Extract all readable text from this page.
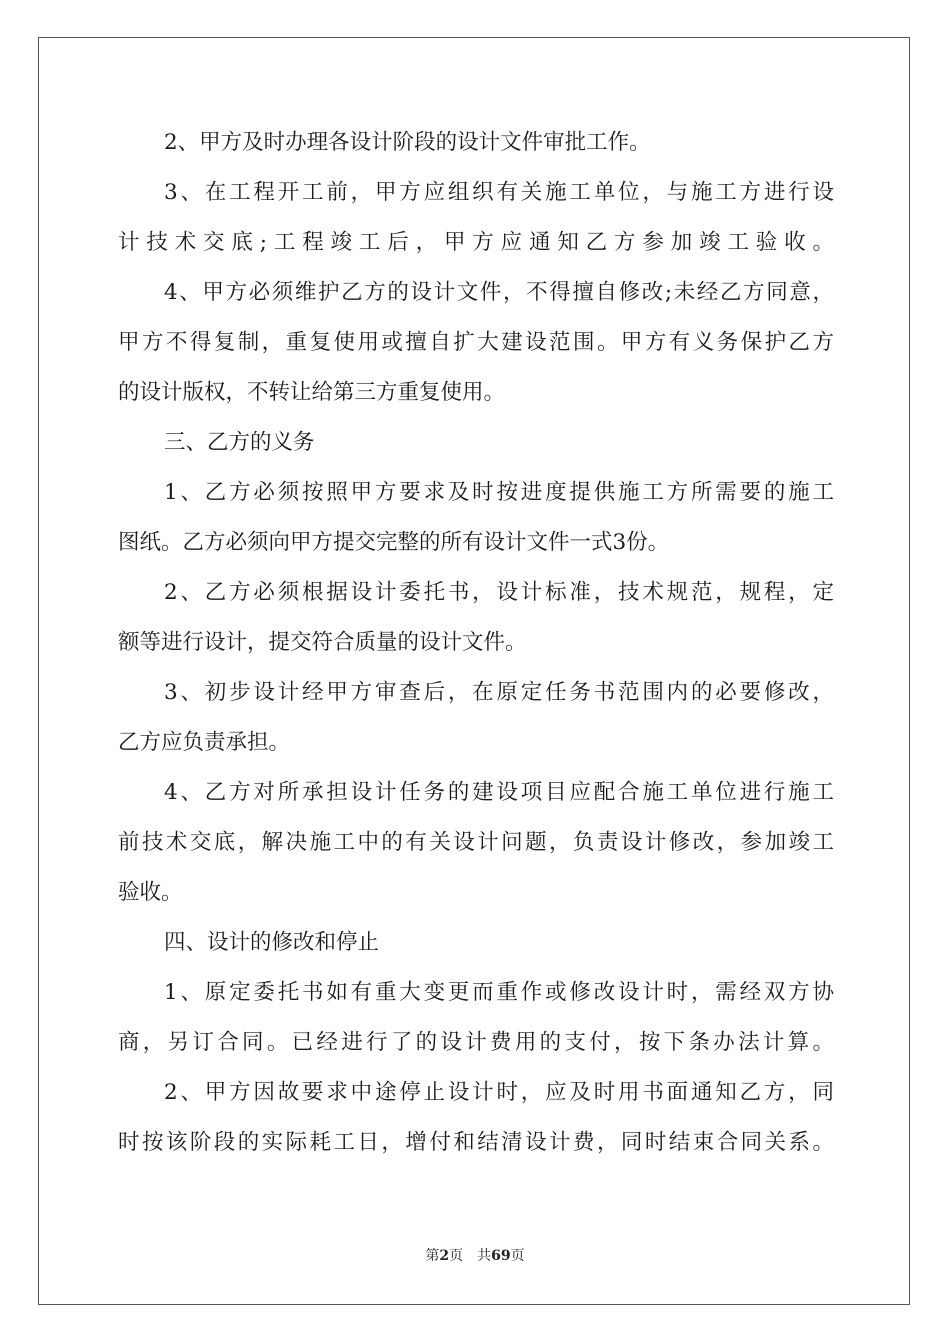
2、甲方及时办理各设计阶段的设计文件审批工作。
3、在工程开工前，甲方应组织有关施工单位，与施工方进行设
计技术交底;工程竣工后，甲方应通知乙方参加竣工验收。
4、甲方必须维护乙方的设计文件，不得擅自修改;未经乙方同意，
甲方不得复制，重复使用或擅自扩大建设范围。甲方有义务保护乙方
的设计版权，不转让给第三方重复使用。
三、乙方的义务
1、乙方必须按照甲方要求及时按进度提供施工方所需要的施工
图纸。乙方必须向甲方提交完整的所有设计文件一式3份。
2、乙方必须根据设计委托书，设计标准，技术规范，规程，定
额等进行设计，提交符合质量的设计文件。
3、初步设计经甲方审查后，在原定任务书范围内的必要修改，
乙方应负责承担。
4、乙方对所承担设计任务的建设项目应配合施工单位进行施工
前技术交底，解决施工中的有关设计问题，负责设计修改，参加竣工
验收。
四、设计的修改和停止
1、原定委托书如有重大变更而重作或修改设计时，需经双方协
商，另订合同。已经进行了的设计费用的支付，按下条办法计算。
2、甲方因故要求中途停止设计时，应及时用书面通知乙方，同
时按该阶段的实际耗工日，增付和结清设计费，同时结束合同关系。
第2页 共69页
